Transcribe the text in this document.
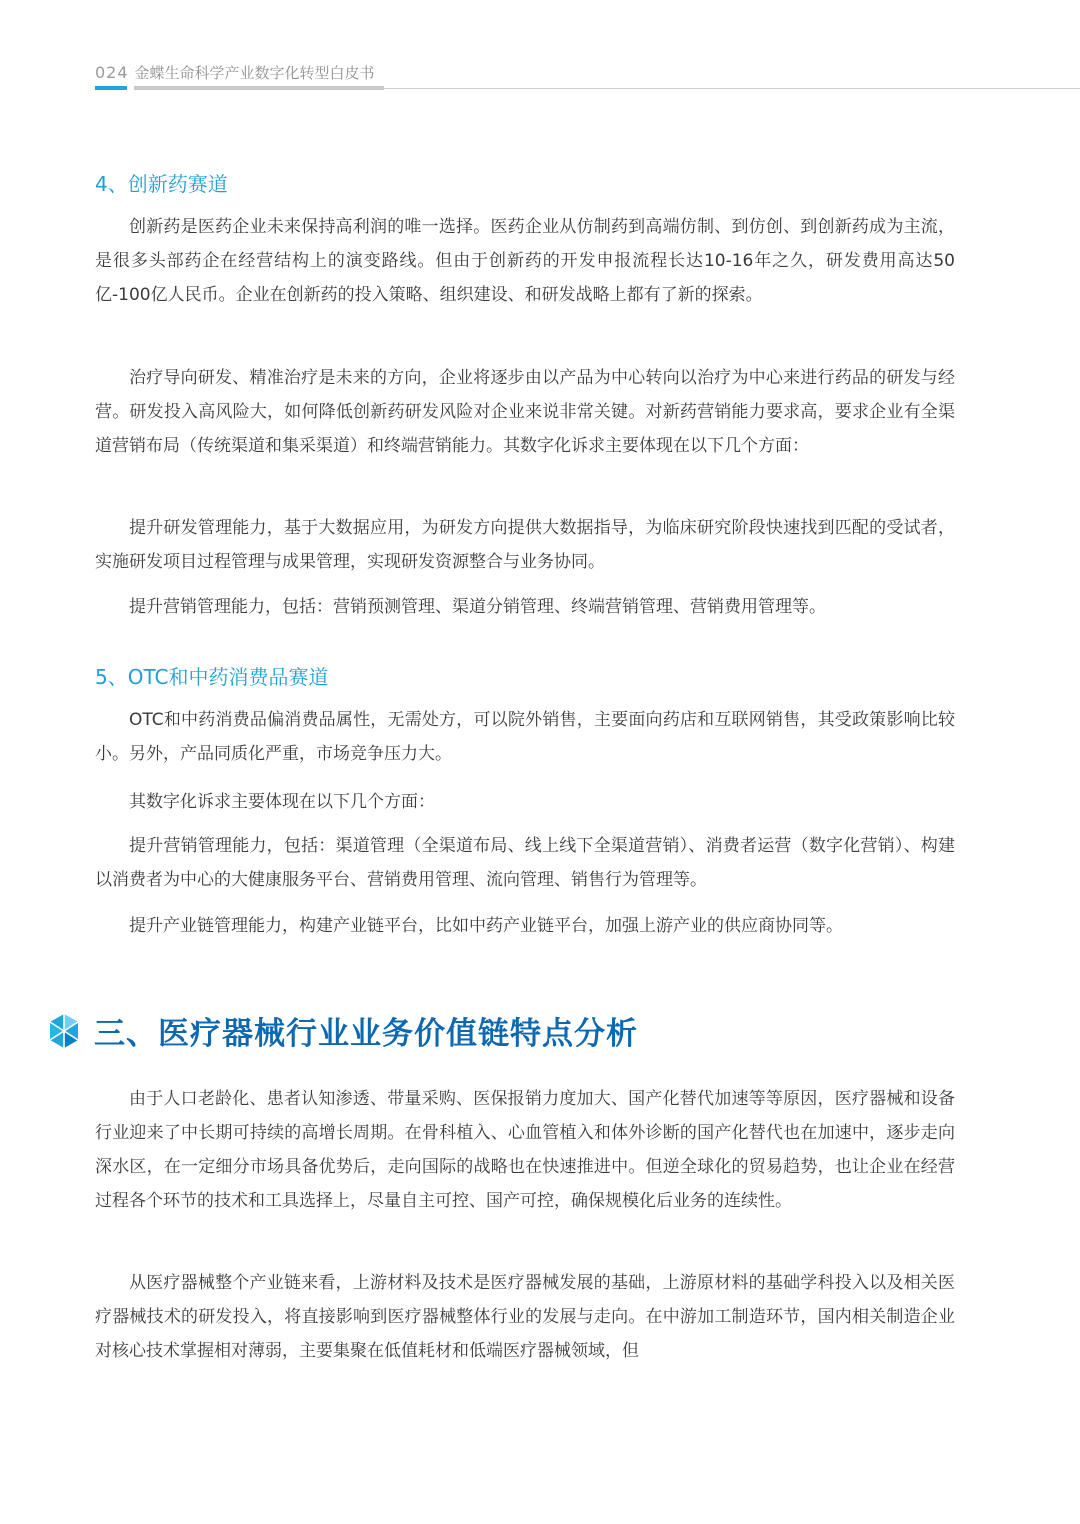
024 金蝶生命科学产业数字化转型白皮书
4、创新药赛道

创新药是医药企业未来保持高利润的唯一选择。医药企业从仿制药到高端仿制、到仿创、到创新药成为主流，是很多头部药企在经营结构上的演变路线。但由于创新药的开发申报流程长达10-16年之久，研发费用高达50亿-100亿人民币。企业在创新药的投入策略、组织建设、和研发战略上都有了新的探索。

治疗导向研发、精准治疗是未来的方向，企业将逐步由以产品为中心转向以治疗为中心来进行药品的研发与经营。研发投入高风险大，如何降低创新药研发风险对企业来说非常关键。对新药营销能力要求高，要求企业有全渠道营销布局（传统渠道和集采渠道）和终端营销能力。其数字化诉求主要体现在以下几个方面：

提升研发管理能力，基于大数据应用，为研发方向提供大数据指导，为临床研究阶段快速找到匹配的受试者，实施研发项目过程管理与成果管理，实现研发资源整合与业务协同。

提升营销管理能力，包括：营销预测管理、渠道分销管理、终端营销管理、营销费用管理等。

5、OTC和中药消费品赛道

OTC和中药消费品偏消费品属性，无需处方，可以院外销售，主要面向药店和互联网销售，其受政策影响比较小。另外，产品同质化严重，市场竞争压力大。

其数字化诉求主要体现在以下几个方面：

提升营销管理能力，包括：渠道管理（全渠道布局、线上线下全渠道营销）、消费者运营（数字化营销）、构建以消费者为中心的大健康服务平台、营销费用管理、流向管理、销售行为管理等。

提升产业链管理能力，构建产业链平台，比如中药产业链平台，加强上游产业的供应商协同等。

由于人口老龄化、患者认知渗透、带量采购、医保报销力度加大、国产化替代加速等等原因，医疗器械和设备行业迎来了中长期可持续的高增长周期。在骨科植入、心血管植入和体外诊断的国产化替代也在加速中，逐步走向深水区，在一定细分市场具备优势后，走向国际的战略也在快速推进中。但逆全球化的贸易趋势，也让企业在经营过程各个环节的技术和工具选择上，尽量自主可控、国产可控，确保规模化后业务的连续性。

从医疗器械整个产业链来看，上游材料及技术是医疗器械发展的基础，上游原材料的基础学科投入以及相关医疗器械技术的研发投入，将直接影响到医疗器械整体行业的发展与走向。在中游加工制造环节，国内相关制造企业对核心技术掌握相对薄弱，主要集聚在低值耗材和低端医疗器械领域，但

三、医疗器械行业业务价值链特点分析
